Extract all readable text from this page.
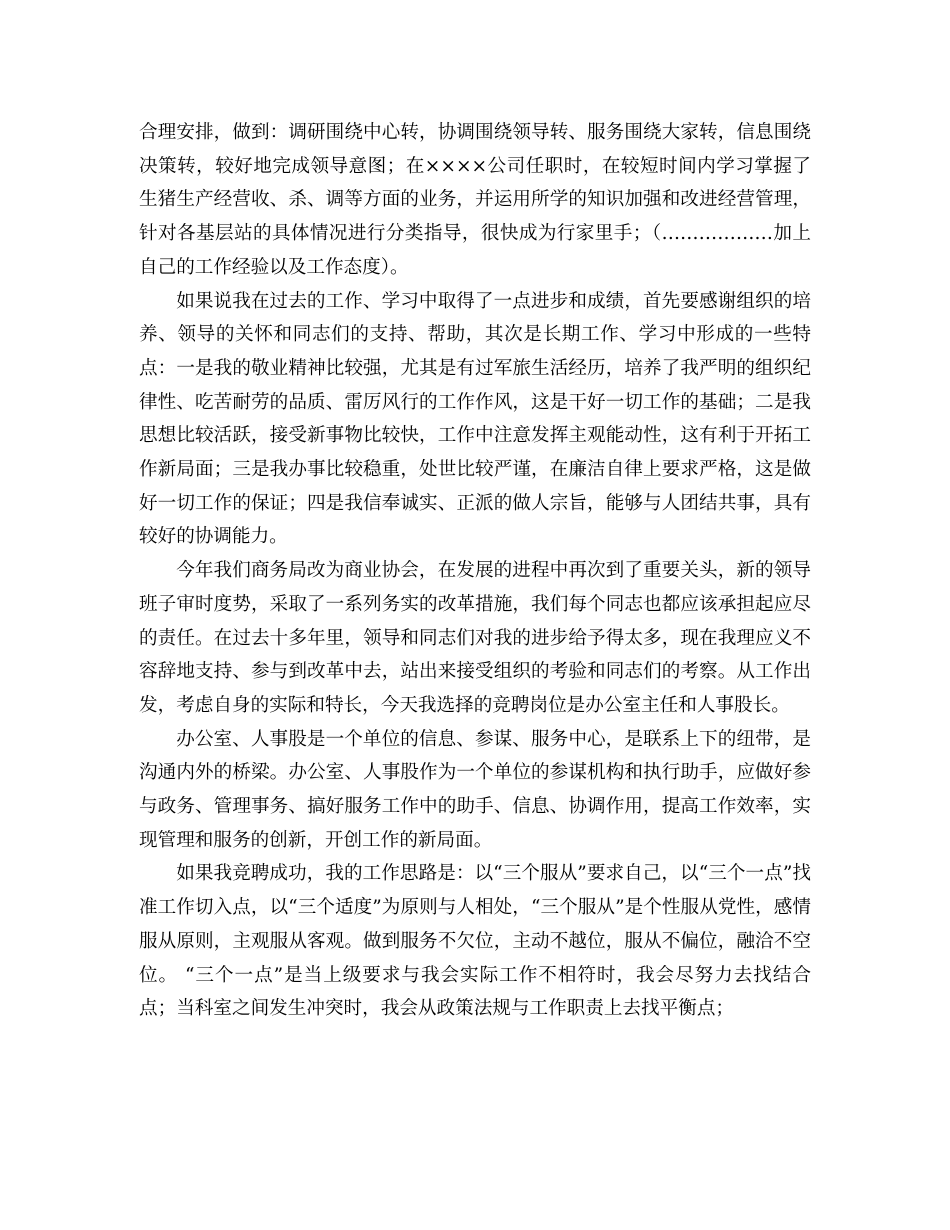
合理安排，做到：调研围绕中心转，协调围绕领导转、服务围绕大家转，信息围绕决策转，较好地完成领导意图；在××××公司任职时，在较短时间内学习掌握了生猪生产经营收、杀、调等方面的业务，并运用所学的知识加强和改进经营管理，针对各基层站的具体情况进行分类指导，很快成为行家里手；（………………加上自己的工作经验以及工作态度）。

如果说我在过去的工作、学习中取得了一点进步和成绩，首先要感谢组织的培养、领导的关怀和同志们的支持、帮助，其次是长期工作、学习中形成的一些特点：一是我的敬业精神比较强，尤其是有过军旅生活经历，培养了我严明的组织纪律性、吃苦耐劳的品质、雷厉风行的工作作风，这是干好一切工作的基础；二是我思想比较活跃，接受新事物比较快，工作中注意发挥主观能动性，这有利于开拓工作新局面；三是我办事比较稳重，处世比较严谨，在廉洁自律上要求严格，这是做好一切工作的保证；四是我信奉诚实、正派的做人宗旨，能够与人团结共事，具有较好的协调能力。

今年我们商务局改为商业协会，在发展的进程中再次到了重要关头，新的领导班子审时度势，采取了一系列务实的改革措施，我们每个同志也都应该承担起应尽的责任。在过去十多年里，领导和同志们对我的进步给予得太多，现在我理应义不容辞地支持、参与到改革中去，站出来接受组织的考验和同志们的考察。从工作出发，考虑自身的实际和特长，今天我选择的竞聘岗位是办公室主任和人事股长。

办公室、人事股是一个单位的信息、参谋、服务中心，是联系上下的纽带，是沟通内外的桥梁。办公室、人事股作为一个单位的参谋机构和执行助手，应做好参与政务、管理事务、搞好服务工作中的助手、信息、协调作用，提高工作效率，实现管理和服务的创新，开创工作的新局面。

如果我竞聘成功，我的工作思路是：以“三个服从”要求自己，以“三个一点”找准工作切入点，以“三个适度”为原则与人相处，“三个服从”是个性服从党性，感情服从原则，主观服从客观。做到服务不欠位，主动不越位，服从不偏位，融洽不空位。 “三个一点”是当上级要求与我会实际工作不相符时，我会尽努力去找结合点；当科室之间发生冲突时，我会从政策法规与工作职责上去找平衡点；
